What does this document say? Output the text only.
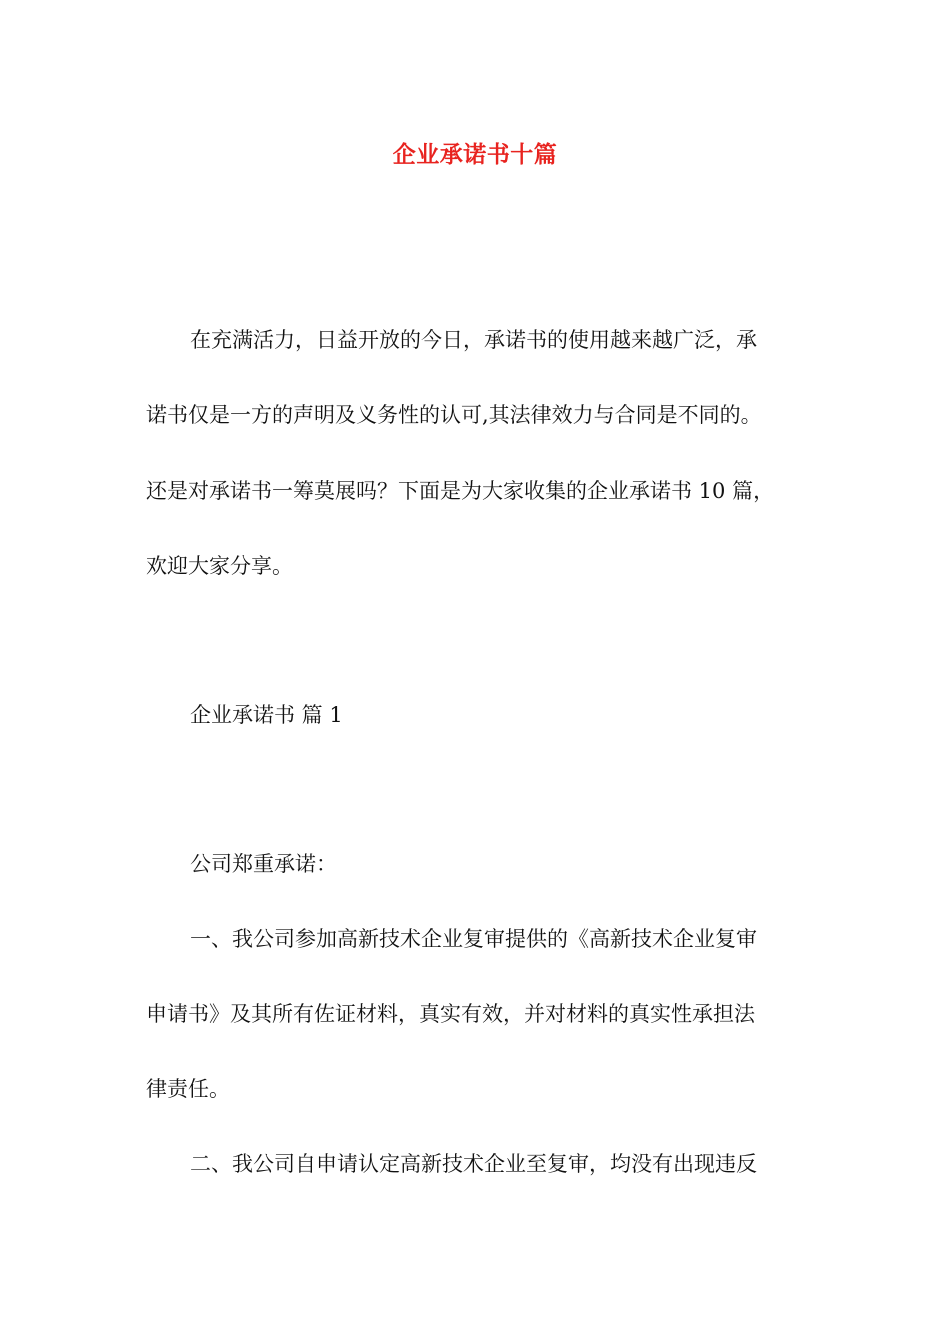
企业承诺书十篇

在充满活力，日益开放的今日，承诺书的使用越来越广泛，承

诺书仅是一方的声明及义务性的认可,其法律效力与合同是不同的。

还是对承诺书一筹莫展吗？下面是为大家收集的企业承诺书 10 篇，

欢迎大家分享。

企业承诺书 篇 1

公司郑重承诺：

一、我公司参加高新技术企业复审提供的《高新技术企业复审

申请书》及其所有佐证材料，真实有效，并对材料的真实性承担法

律责任。

二、我公司自申请认定高新技术企业至复审，均没有出现违反
